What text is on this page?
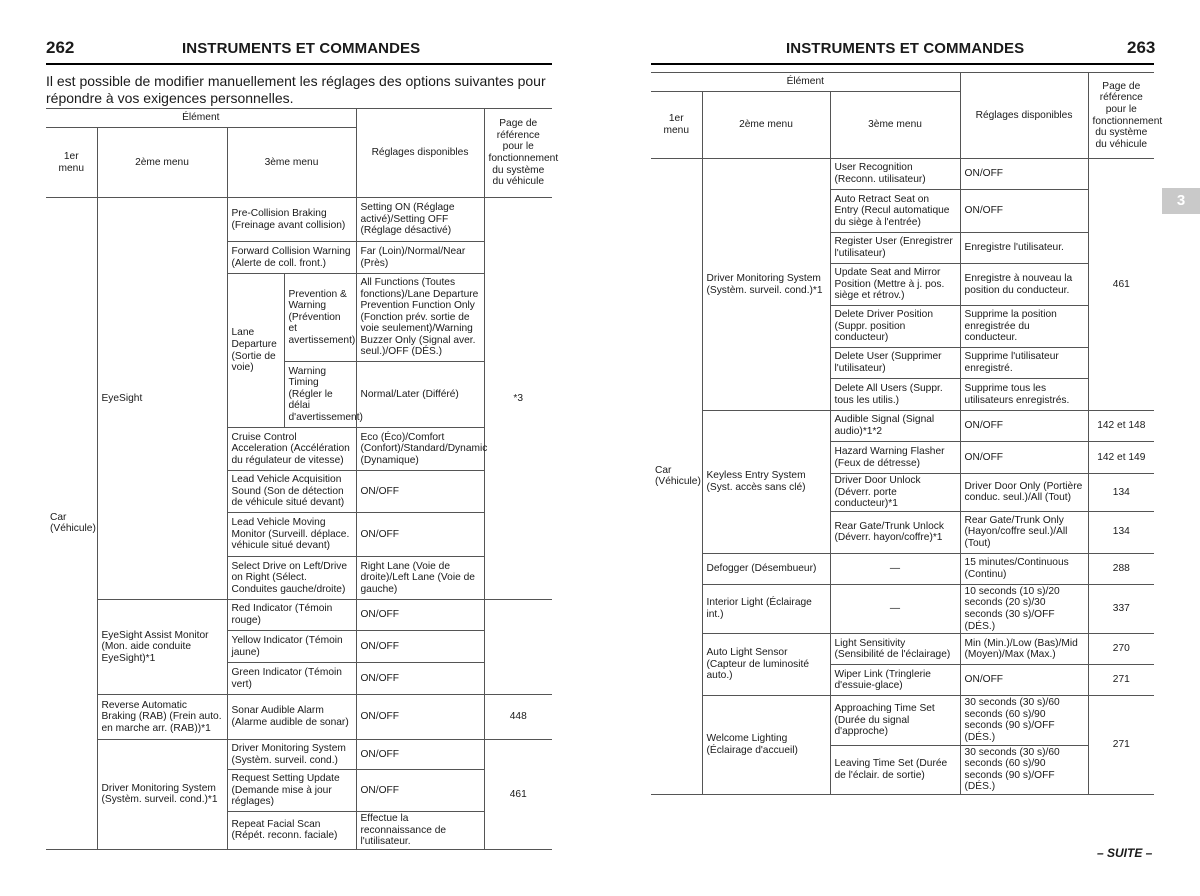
262	INSTRUMENTS ET COMMANDES

Il est possible de modifier manuellement les réglages des options suivantes pour répondre à vos exigences personnelles.

Élément				Réglages disponibles	Page de référence pour le fonctionnement du système du véhicule
1er menu	2ème menu	3ème menu			
Car (Véhicule)	EyeSight	Pre-Collision Braking (Freinage avant collision)		Setting ON (Réglage activé)/Setting OFF (Réglage désactivé)	*3
		Forward Collision Warning (Alerte de coll. front.)		Far (Loin)/Normal/Near (Près)	
		Lane Departure (Sortie de voie)	Prevention & Warning (Prévention et avertissement)	All Functions (Toutes fonctions)/Lane Departure Prevention Function Only (Fonction prév. sortie de voie seulement)/Warning Buzzer Only (Signal aver. seul.)/OFF (DÉS.)	
			Warning Timing (Régler le délai d'avertissement)	Normal/Later (Différé)	
		Cruise Control Acceleration (Accélération du régulateur de vitesse)		Eco (Éco)/Comfort (Confort)/Standard/Dynamic (Dynamique)	
		Lead Vehicle Acquisition Sound (Son de détection de véhicule situé devant)		ON/OFF	
		Lead Vehicle Moving Monitor (Surveill. déplace. véhicule situé devant)		ON/OFF	
		Select Drive on Left/Drive on Right (Sélect. Conduites gauche/droite)		Right Lane (Voie de droite)/Left Lane (Voie de gauche)	

	EyeSight Assist Monitor (Mon. aide conduite EyeSight)*1	Red Indicator (Témoin rouge)		ON/OFF	
		Yellow Indicator (Témoin jaune)		ON/OFF	
		Green Indicator (Témoin vert)		ON/OFF	
	Reverse Automatic Braking (RAB) (Frein auto. en marche arr. (RAB))*1	Sonar Audible Alarm (Alarme audible de sonar)		ON/OFF	448
	Driver Monitoring System (Systèm. surveil. cond.)*1	Driver Monitoring System (Systèm. surveil. cond.)		ON/OFF	461
		Request Setting Update (Demande mise à jour réglages)		ON/OFF	
		Repeat Facial Scan (Répét. reconn. faciale)		Effectue la reconnaissance de l'utilisateur.	
INSTRUMENTS ET COMMANDES	263
Élément			Réglages disponibles	Page de référence pour le fonctionnement du système du véhicule
1er menu	2ème menu	3ème menu		
Car (Véhicule)	Driver Monitoring System (Systèm. surveil. cond.)*1	User Recognition (Reconn. utilisateur)	ON/OFF	461
		Auto Retract Seat on Entry (Recul automatique du siège à l'entrée)	ON/OFF	
		Register User (Enregistrer l'utilisateur)	Enregistre l'utilisateur.	
		Update Seat and Mirror Position (Mettre à j. pos. siège et rétrov.)	Enregistre à nouveau la position du conducteur.	
		Delete Driver Position (Suppr. position conducteur)	Supprime la position enregistrée du conducteur.	
		Delete User (Supprimer l'utilisateur)	Supprime l'utilisateur enregistré.	
		Delete All Users (Suppr. tous les utilis.)	Supprime tous les utilisateurs enregistrés.	
	Keyless Entry System (Syst. accès sans clé)	Audible Signal (Signal audio)*1*2	ON/OFF	142 et 148
		Hazard Warning Flasher (Feux de détresse)	ON/OFF	142 et 149
		Driver Door Unlock (Déverr. porte conducteur)*1	Driver Door Only (Portière conduc. seul.)/All (Tout)	134
		Rear Gate/Trunk Unlock (Déverr. hayon/coffre)*1	Rear Gate/Trunk Only (Hayon/coffre seul.)/All (Tout)	134
	Defogger (Désembueur)	—	15 minutes/Continuous (Continu)	288
	Interior Light (Éclairage int.)	—	10 seconds (10 s)/20 seconds (20 s)/30 seconds (30 s)/OFF (DÉS.)	337
	Auto Light Sensor (Capteur de luminosité auto.)	Light Sensitivity (Sensibilité de l'éclairage)	Min (Min.)/Low (Bas)/Mid (Moyen)/Max (Max.)	270
		Wiper Link (Tringlerie d'essuie-glace)	ON/OFF	271
	Welcome Lighting (Éclairage d'accueil)	Approaching Time Set (Durée du signal d'approche)	30 seconds (30 s)/60 seconds (60 s)/90 seconds (90 s)/OFF (DÉS.)	271
		Leaving Time Set (Durée de l'éclair. de sortie)	30 seconds (30 s)/60 seconds (60 s)/90 seconds (90 s)/OFF (DÉS.)	
3
– SUITE –
